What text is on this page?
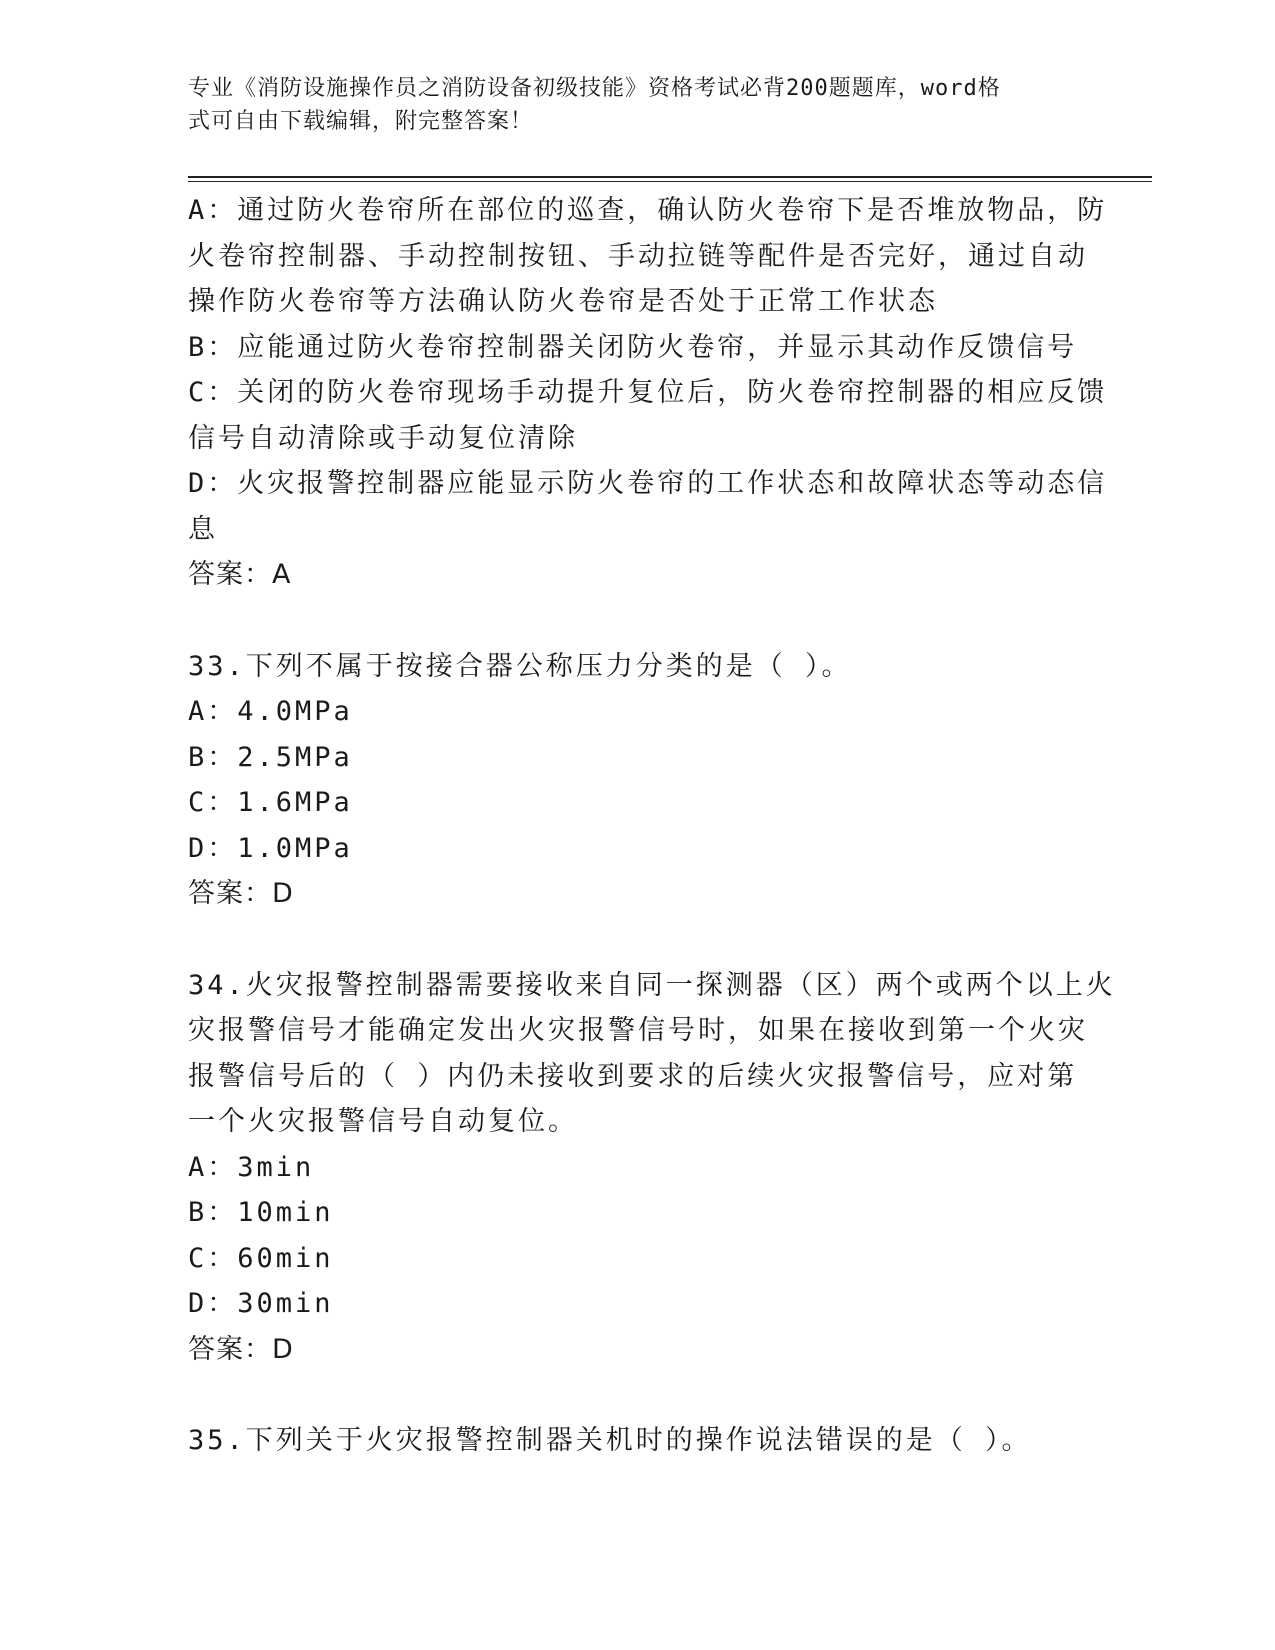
专业《消防设施操作员之消防设备初级技能》资格考试必背200题题库，word格
式可自由下载编辑，附完整答案！
A：通过防火卷帘所在部位的巡查，确认防火卷帘下是否堆放物品，防
火卷帘控制器、手动控制按钮、手动拉链等配件是否完好，通过自动
操作防火卷帘等方法确认防火卷帘是否处于正常工作状态
B：应能通过防火卷帘控制器关闭防火卷帘，并显示其动作反馈信号
C：关闭的防火卷帘现场手动提升复位后，防火卷帘控制器的相应反馈
信号自动清除或手动复位清除
D：火灾报警控制器应能显示防火卷帘的工作状态和故障状态等动态信
息
答案：A
33.下列不属于按接合器公称压力分类的是（ ）。
A：4.0MPa
B：2.5MPa
C：1.6MPa
D：1.0MPa
答案：D
34.火灾报警控制器需要接收来自同一探测器（区）两个或两个以上火
灾报警信号才能确定发出火灾报警信号时，如果在接收到第一个火灾
报警信号后的（ ）内仍未接收到要求的后续火灾报警信号，应对第
一个火灾报警信号自动复位。
A：3min
B：10min
C：60min
D：30min
答案：D
35.下列关于火灾报警控制器关机时的操作说法错误的是（ ）。
